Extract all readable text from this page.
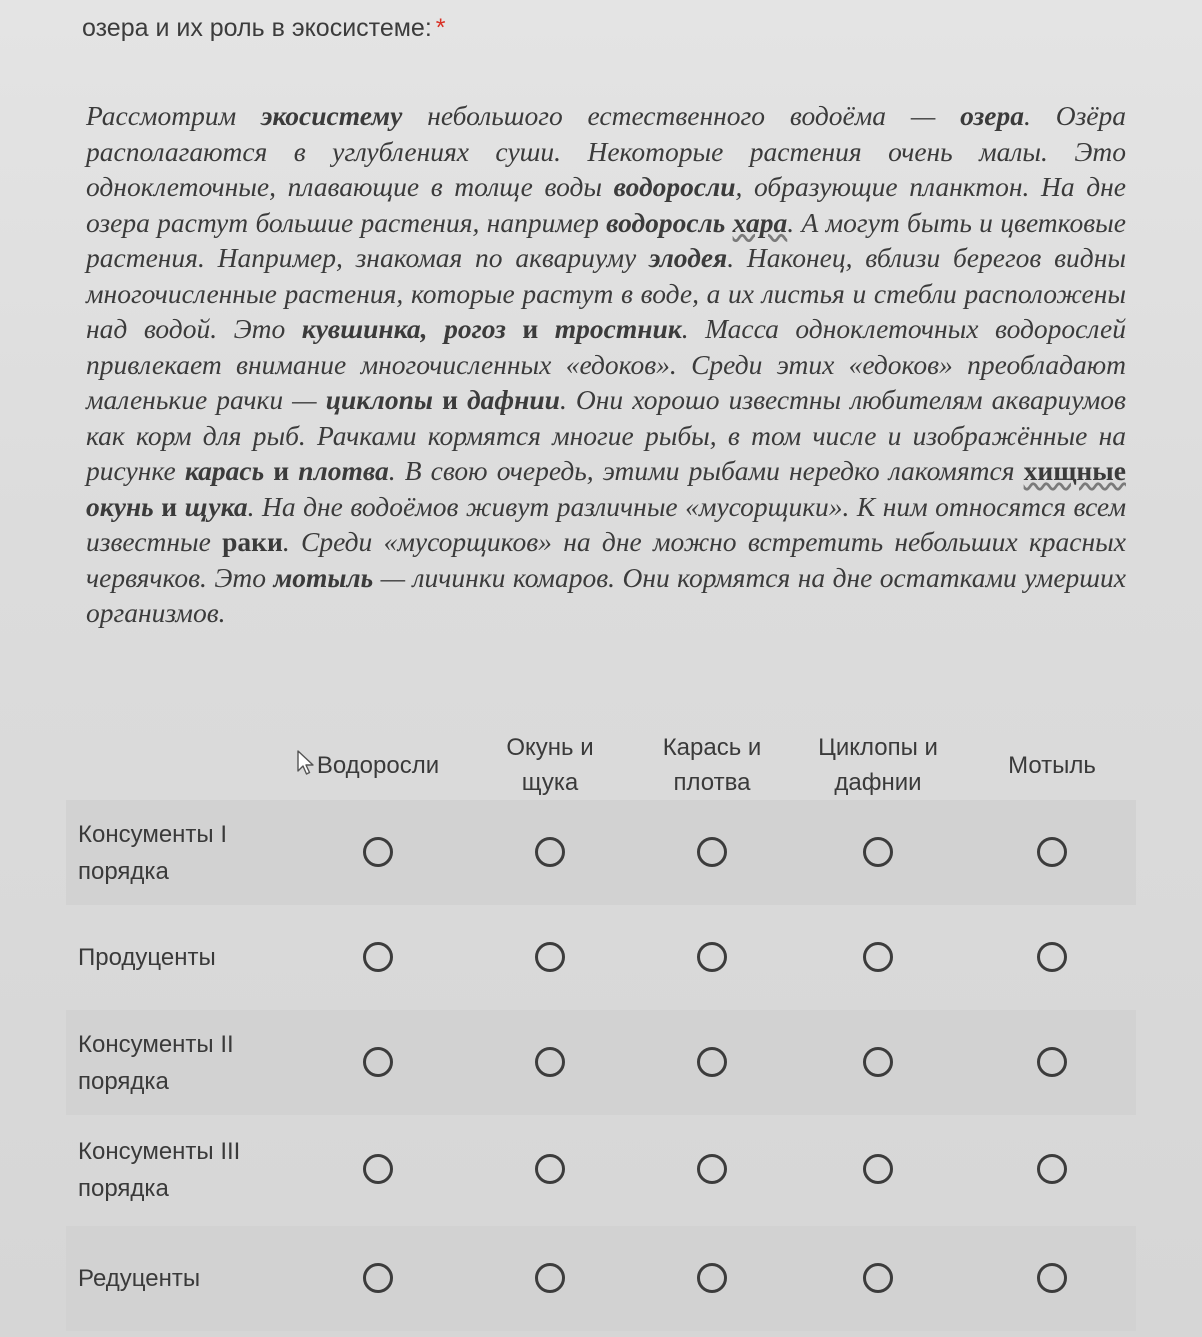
озера и их роль в экосистеме: *
Рассмотрим экосистему небольшого естественного водоёма — озера. Озёра располагаются в углублениях суши. Некоторые растения очень малы. Это одноклеточные, плавающие в толще воды водоросли, образующие планктон. На дне озера растут большие растения, например водоросль хара. А могут быть и цветковые растения. Например, знакомая по аквариуму элодея. Наконец, вблизи берегов видны многочисленные растения, которые растут в воде, а их листья и стебли расположены над водой. Это кувшинка, рогоз и тростник. Масса одноклеточных водорослей привлекает внимание многочисленных «едоков». Среди этих «едоков» преобладают маленькие рачки — циклопы и дафнии. Они хорошо известны любителям аквариумов как корм для рыб. Рачками кормятся многие рыбы, в том числе и изображённые на рисунке карась и плотва. В свою очередь, этими рыбами нередко лакомятся хищные окунь и щука. На дне водоёмов живут различные «мусорщики». К ним относятся всем известные раки. Среди «мусорщиков» на дне можно встретить небольших красных червячков. Это мотыль — личинки комаров. Они кормятся на дне остатками умерших организмов.
Водоросли
Окунь и
щука
Карась и
плотва
Циклопы и
дафнии
Мотыль
Консументы I
порядка
Продуценты
Консументы II
порядка
Консументы III
порядка
Редуценты
